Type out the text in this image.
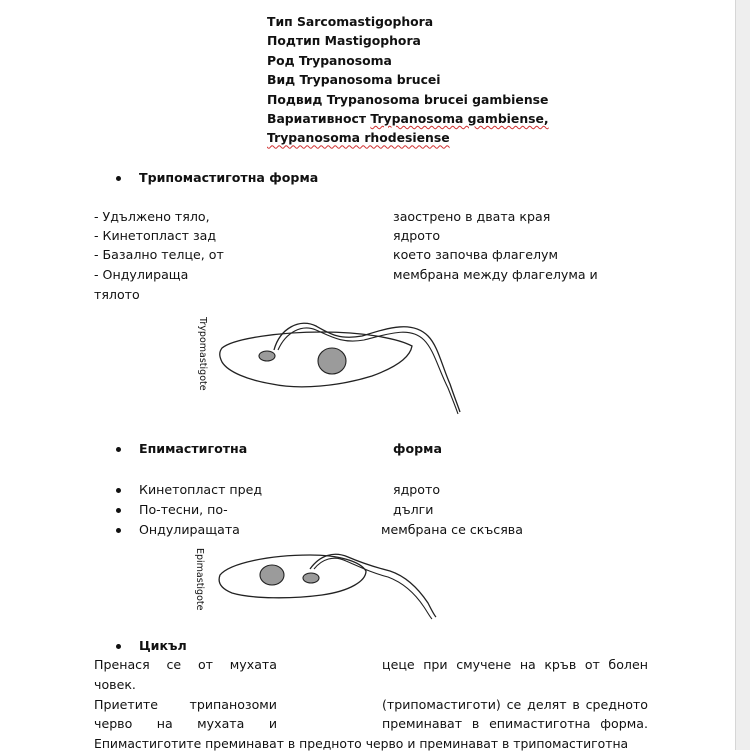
Тип Sarcomastigophora
Подтип Mastigophora
Род Trypanosoma
Вид Trypanosoma brucei
Подвид Trypanosoma brucei gambiense
Вариативност Trypanosoma gambiense,
Trypanosoma rhodesiense
Трипомастиготна форма
- Удължено тяло,	заострено в двата края
- Кинетопласт зад	ядрото
- Базално телце, от	което започва флагелум
- Ондулираща	мембрана между флагелума и
тялото
Trypomastigote
Епимастиготна	форма
Кинетопласт пред	ядрото
По-тесни, по-	дълги
Ондулиращата	мембрана се скъсява
Epimastigote
Цикъл
Пренася се от мухата	цеце при смучене на кръв от болен
човек.
Приетите трипанозоми	(трипомастиготи) се делят в средното
черво на мухата и	преминават в епимастиготна форма.
Епимастиготите преминават в предното черво и преминават в трипомастиготна
